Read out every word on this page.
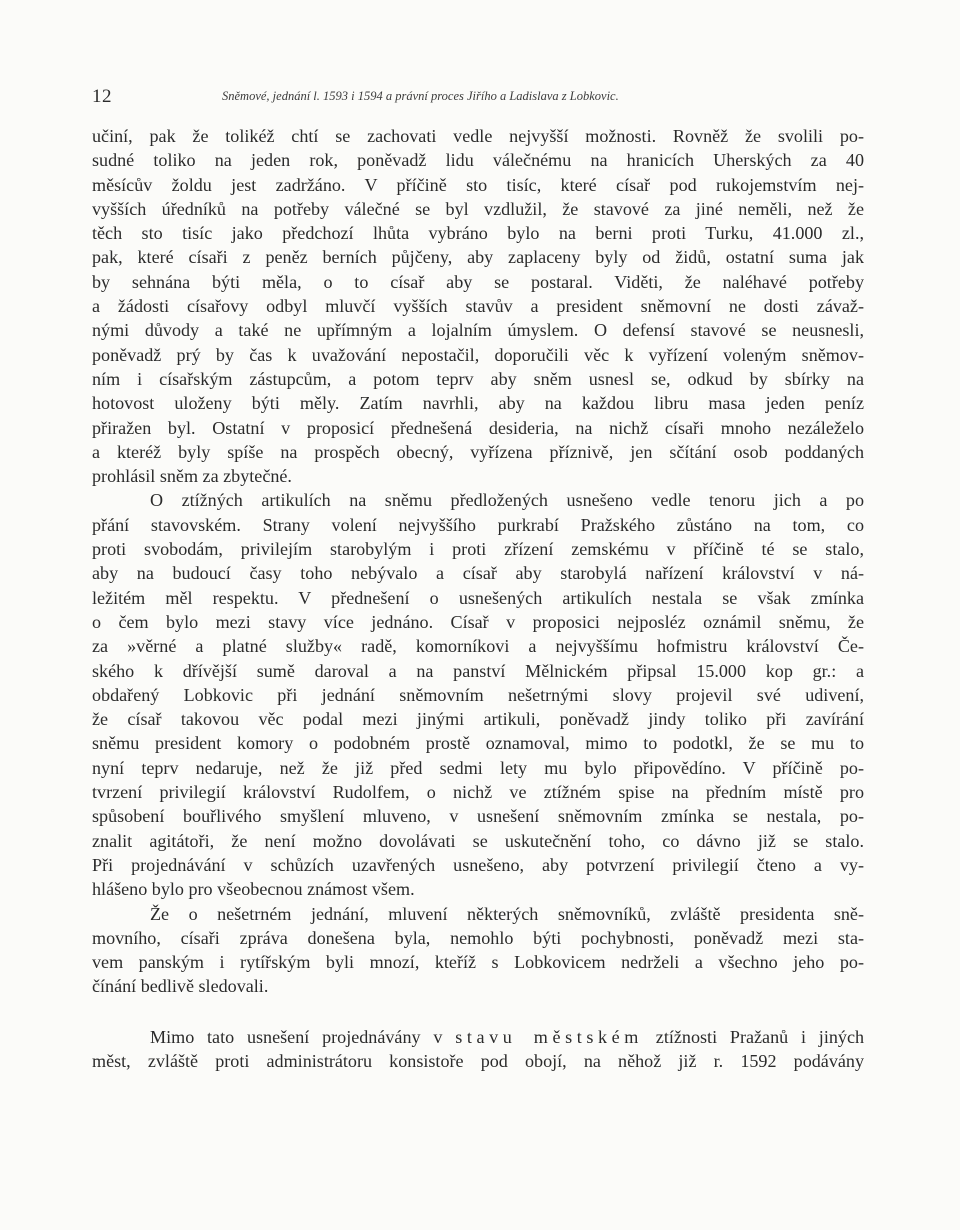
12	Sněmové, jednání l. 1593 i 1594 a právní proces Jiřího a Ladislava z Lobkovic.
učiní, pak že tolikéž chtí se zachovati vedle nejvyšší možnosti. Rovněž že svolili po-
sudné toliko na jeden rok, poněvadž lidu válečnému na hranicích Uherských za 40
měsícův žoldu jest zadržáno. V příčině sto tisíc, které císař pod rukojemstvím nej-
vyšších úředníků na potřeby válečné se byl vzdlužil, že stavové za jiné neměli, než že
těch sto tisíc jako předchozí lhůta vybráno bylo na berni proti Turku, 41.000 zl.,
pak, které císaři z peněz berních půjčeny, aby zaplaceny byly od židů, ostatní suma jak
by sehnána býti měla, o to císař aby se postaral. Viděti, že naléhavé potřeby
a žádosti císařovy odbyl mluvčí vyšších stavův a president sněmovní ne dosti závaž-
nými důvody a také ne upřímným a lojalním úmyslem. O defensí stavové se neusnesli,
poněvadž prý by čas k uvažování nepostačil, doporučili věc k vyřízení voleným sněmov-
ním i císařským zástupcům, a potom teprv aby sněm usnesl se, odkud by sbírky na
hotovost uloženy býti měly. Zatím navrhli, aby na každou libru masa jeden peníz
přiražen byl. Ostatní v proposicí přednešená desideria, na nichž císaři mnoho nezáleželo
a kteréž byly spíše na prospěch obecný, vyřízena příznivě, jen sčítání osob poddaných
prohlásil sněm za zbytečné.
O ztížných artikulích na sněmu předložených usnešeno vedle tenoru jich a po
přání stavovském. Strany volení nejvyššího purkrabí Pražského zůstáno na tom, co
proti svobodám, privilejím starobylým i proti zřízení zemskému v příčině té se stalo,
aby na budoucí časy toho nebývalo a císař aby starobylá nařízení království v ná-
ležitém měl respektu. V přednešení o usnešených artikulích nestala se však zmínka
o čem bylo mezi stavy více jednáno. Císař v proposici nejposléz oznámil sněmu, že
za »věrné a platné služby« radě, komorníkovi a nejvyššímu hofmistru království Če-
ského k dřívější sumě daroval a na panství Mělnickém připsal 15.000 kop gr.: a
obdařený Lobkovic při jednání sněmovním nešetrnými slovy projevil své udivení,
že císař takovou věc podal mezi jinými artikuli, poněvadž jindy toliko při zavírání
sněmu president komory o podobném prostě oznamoval, mimo to podotkl, že se mu to
nyní teprv nedaruje, než že již před sedmi lety mu bylo připovědíno. V příčině po-
tvrzení privilegií království Rudolfem, o nichž ve ztížném spise na předním místě pro
spůsobení bouřlivého smyšlení mluveno, v usnešení sněmovním zmínka se nestala, po-
znalit agitátoři, že není možno dovolávati se uskutečnění toho, co dávno již se stalo.
Při projednávání v schůzích uzavřených usnešeno, aby potvrzení privilegií čteno a vy-
hlášeno bylo pro všeobecnou známost všem.
Že o nešetrném jednání, mluvení některých sněmovníků, zvláště presidenta sně-
movního, císaři zpráva donešena byla, nemohlo býti pochybnosti, poněvadž mezi sta-
vem panským i rytířským byli mnozí, kteříž s Lobkovicem nedrželi a všechno jeho po-
čínání bedlivě sledovali.
Mimo tato usnešení projednávány v stavu městském ztížnosti Pražanů i jiných
měst, zvláště proti administrátoru konsistoře pod obojí, na něhož již r. 1592 podávány
